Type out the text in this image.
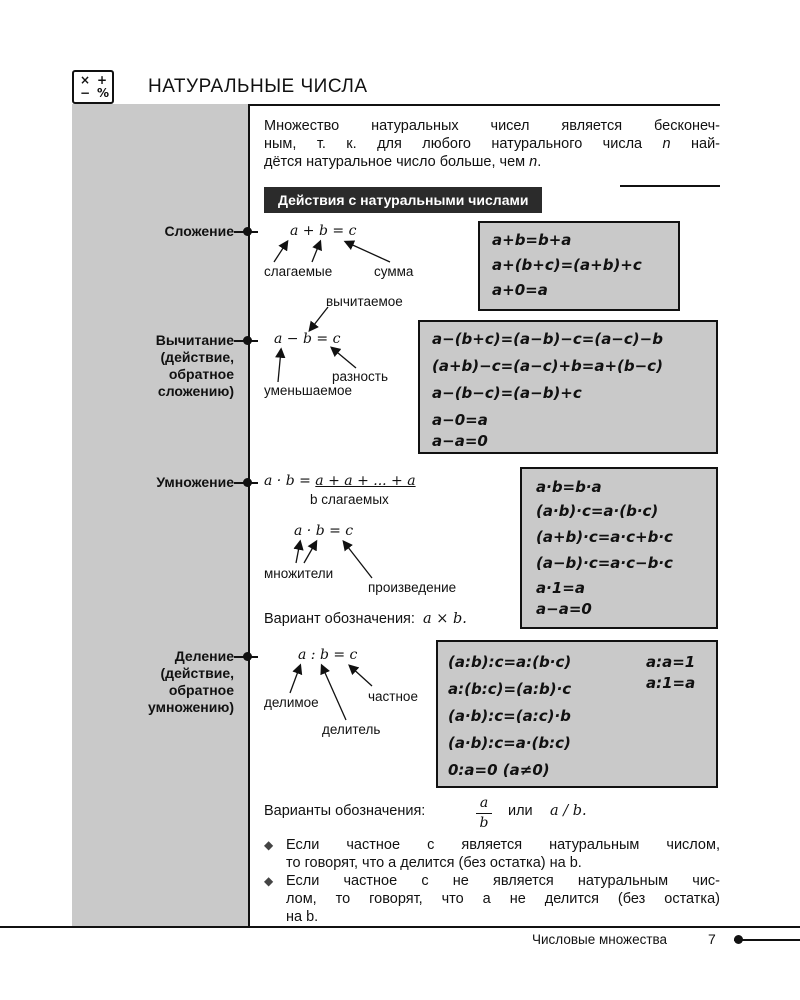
× +
− % НАТУРАЛЬНЫЕ ЧИСЛА
Множество натуральных чисел является бесконеч-
ным, т. к. для любого натурального числа n най-
дётся натуральное число больше, чем n.
Действия с натуральными числами
Сложение	a + b = c
слагаемые	сумма
a+b=b+a
a+(b+c)=(a+b)+c
a+0=a
Вычитание
(действие,
обратное
сложению)
a − b = c
вычитаемое
разность
уменьшаемое
a−(b+c)=(a−b)−c=(a−c)−b
(a+b)−c=(a−c)+b=a+(b−c)
a−(b−c)=(a−b)+c
a−0=a
a−a=0
Умножение a · b = a + a + ... + a
b слагаемых
a · b = c
множители
произведение
Вариант обозначения: a × b.
a·b=b·a
(a·b)·c=a·(b·c)
(a+b)·c=a·c+b·c
(a−b)·c=a·c−b·c
a·1=a
a−a=0
Деление
(действие,
обратное
умножению)
a : b = c
делимое	частное
делитель
(a:b):c=a:(b·c)
a:(b:c)=(a:b)·c
(a·b):c=(a:c)·b
(a·b):c=a·(b:c)
0:a=0 (a≠0)
a:a=1
a:1=a
Варианты обозначения:	a
b
или a / b.
◆ Если частное c является натуральным числом,
то говорят, что a делится (без остатка) на b.
◆ Если частное c не является натуральным чис-
лом, то говорят, что a не делится (без остатка)
на b.
Числовые множества	7
